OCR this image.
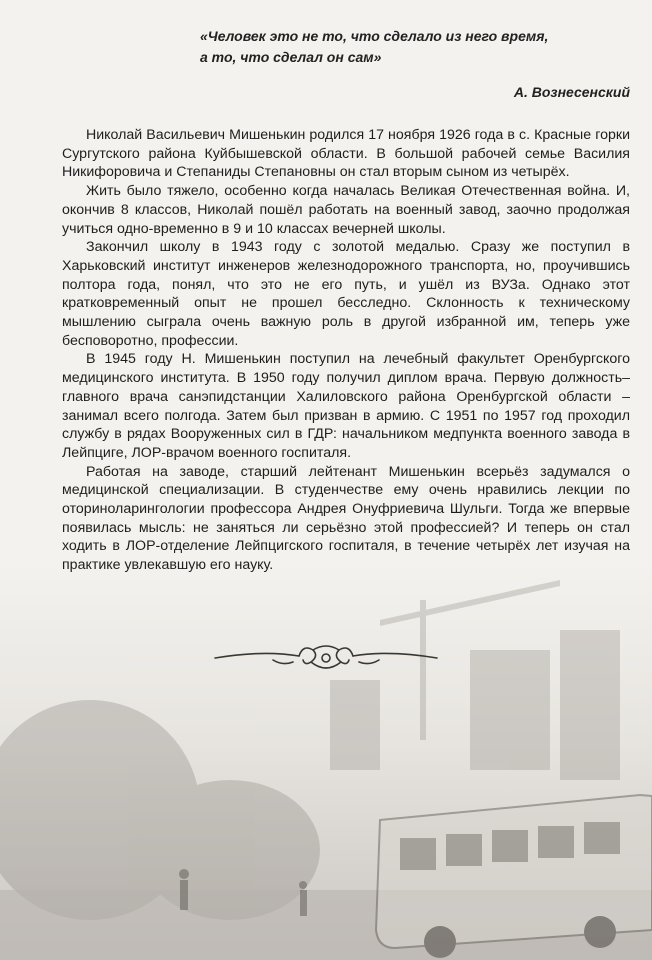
«Человек это не то, что сделало из него время,
а то, что сделал он сам»
А. Вознесенский

Николай Васильевич Мишенькин родился 17 ноября 1926 года в с. Красные горки Сургутского района Куйбышевской области. В большой рабочей семье Василия Никифоровича и Степаниды Степановны он стал вторым сыном из четырёх.

Жить было тяжело, особенно когда началась Великая Отечественная война. И, окончив 8 классов, Николай пошёл работать на военный завод, заочно продолжая учиться одно-временно в 9 и 10 классах вечерней школы.

Закончил школу в 1943 году с золотой медалью. Сразу же поступил в Харьковский институт инженеров железнодорожного транспорта, но, проучившись полтора года, понял, что это не его путь, и ушёл из ВУЗа. Однако этот кратковременный опыт не прошел бесследно. Склонность к техническому мышлению сыграла очень важную роль в другой избранной им, теперь уже бесповоротно, профессии.

В 1945 году Н. Мишенькин поступил на лечебный факультет Оренбургского медицинского института. В 1950 году получил диплом врача. Первую должность– главного врача санэпидстанции Халиловского района Оренбургской области – занимал всего полгода. Затем был призван в армию. С 1951 по 1957 год проходил службу в рядах Вооруженных сил в ГДР: начальником медпункта военного завода в Лейпциге, ЛОР-врачом военного госпиталя.

Работая на заводе, старший лейтенант Мишенькин всерьёз задумался о медицинской специализации. В студенчестве ему очень нравились лекции по оториноларингологии профессора Андрея Онуфриевича Шульги. Тогда же впервые появилась мысль: не заняться ли серьёзно этой профессией? И теперь он стал ходить в ЛОР-отделение Лейпцигского госпиталя, в течение четырёх лет изучая на практике увлекавшую его науку.
